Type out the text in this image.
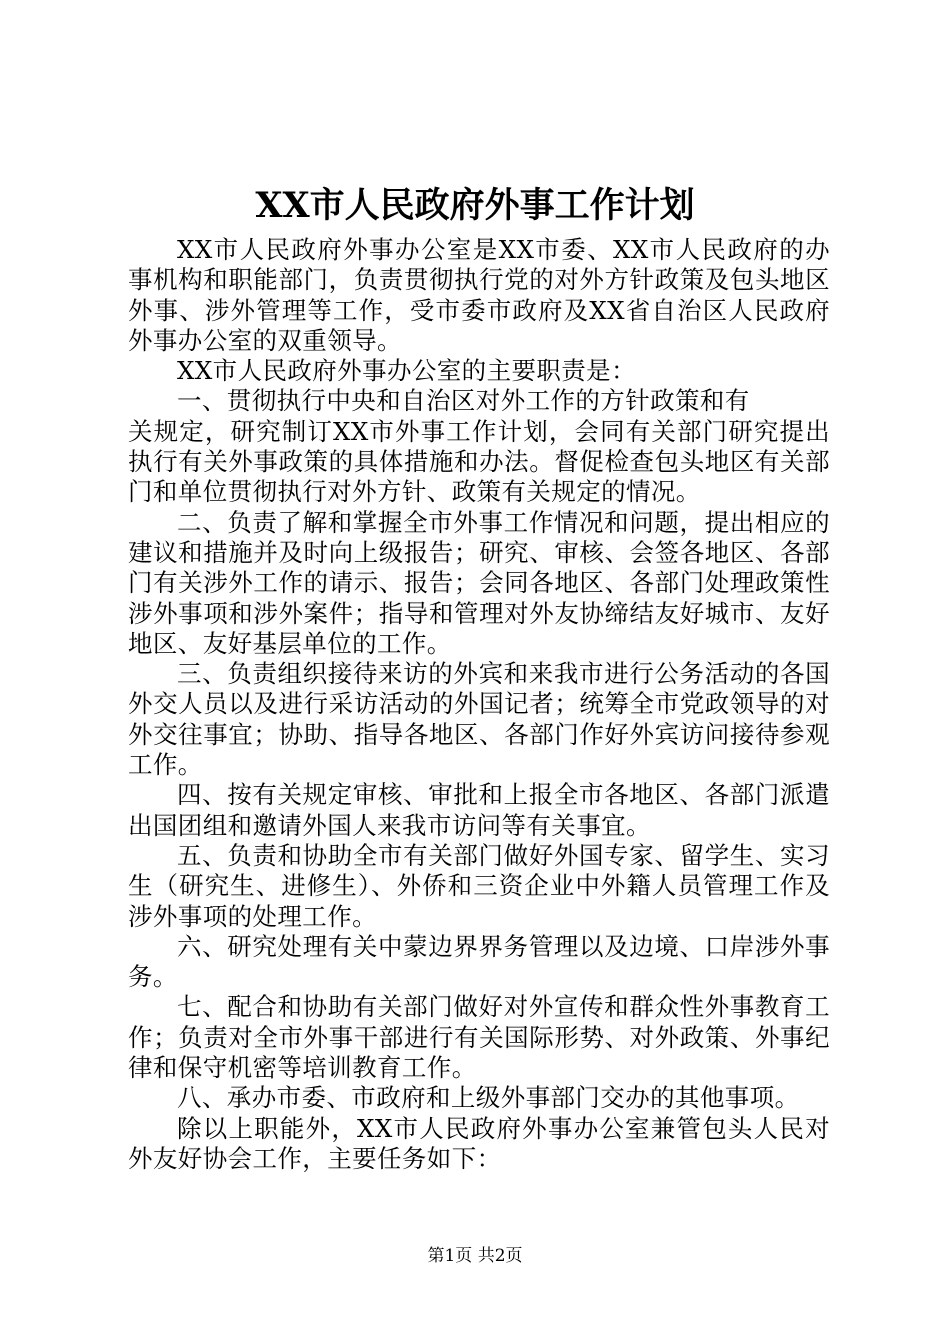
XX市人民政府外事工作计划

XX市人民政府外事办公室是XX市委、XX市人民政府的办事机构和职能部门，负责贯彻执行党的对外方针政策及包头地区外事、涉外管理等工作，受市委市政府及XX省自治区人民政府外事办公室的双重领导。

XX市人民政府外事办公室的主要职责是：

一、贯彻执行中央和自治区对外工作的方针政策和有

关规定，研究制订XX市外事工作计划，会同有关部门研究提出执行有关外事政策的具体措施和办法。督促检查包头地区有关部门和单位贯彻执行对外方针、政策有关规定的情况。

二、负责了解和掌握全市外事工作情况和问题，提出相应的建议和措施并及时向上级报告；研究、审核、会签各地区、各部门有关涉外工作的请示、报告；会同各地区、各部门处理政策性涉外事项和涉外案件；指导和管理对外友协缔结友好城市、友好地区、友好基层单位的工作。

三、负责组织接待来访的外宾和来我市进行公务活动的各国外交人员以及进行采访活动的外国记者；统筹全市党政领导的对外交往事宜；协助、指导各地区、各部门作好外宾访问接待参观工作。

四、按有关规定审核、审批和上报全市各地区、各部门派遣出国团组和邀请外国人来我市访问等有关事宜。

五、负责和协助全市有关部门做好外国专家、留学生、实习生（研究生、进修生）、外侨和三资企业中外籍人员管理工作及涉外事项的处理工作。

六、研究处理有关中蒙边界界务管理以及边境、口岸涉外事务。

七、配合和协助有关部门做好对外宣传和群众性外事教育工作；负责对全市外事干部进行有关国际形势、对外政策、外事纪律和保守机密等培训教育工作。

八、承办市委、市政府和上级外事部门交办的其他事项。

除以上职能外，XX市人民政府外事办公室兼管包头人民对外友好协会工作，主要任务如下：

第1页 共2页
